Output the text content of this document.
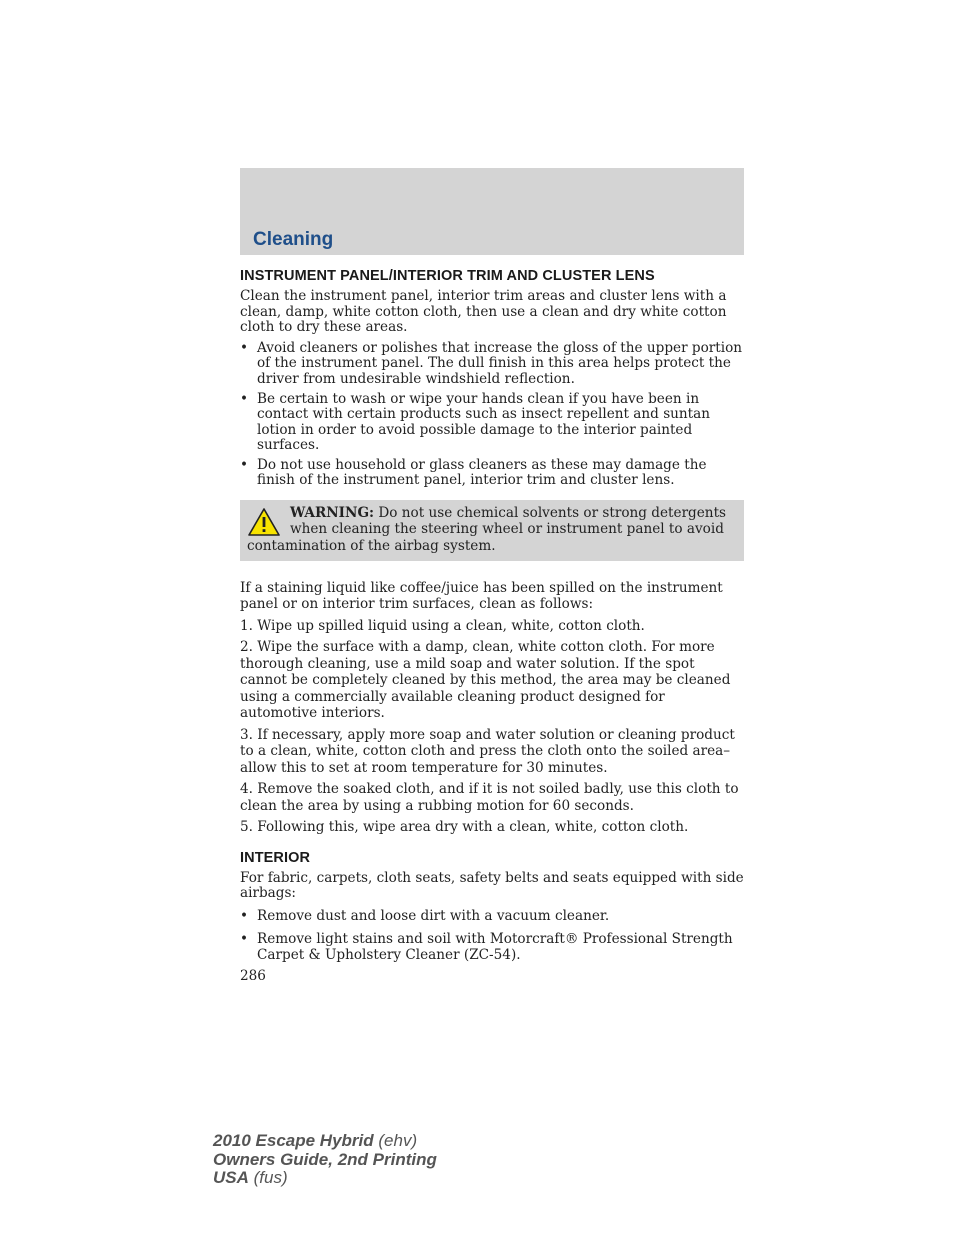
Cleaning
INSTRUMENT PANEL/INTERIOR TRIM AND CLUSTER LENS

Clean the instrument panel, interior trim areas and cluster lens with a clean, damp, white cotton cloth, then use a clean and dry white cotton cloth to dry these areas.

• Avoid cleaners or polishes that increase the gloss of the upper portion of the instrument panel. The dull finish in this area helps protect the driver from undesirable windshield reflection.
• Be certain to wash or wipe your hands clean if you have been in contact with certain products such as insect repellent and suntan lotion in order to avoid possible damage to the interior painted surfaces.
• Do not use household or glass cleaners as these may damage the finish of the instrument panel, interior trim and cluster lens.
WARNING: Do not use chemical solvents or strong detergents when cleaning the steering wheel or instrument panel to avoid contamination of the airbag system.

If a staining liquid like coffee/juice has been spilled on the instrument panel or on interior trim surfaces, clean as follows:

1. Wipe up spilled liquid using a clean, white, cotton cloth.

2. Wipe the surface with a damp, clean, white cotton cloth. For more thorough cleaning, use a mild soap and water solution. If the spot cannot be completely cleaned by this method, the area may be cleaned using a commercially available cleaning product designed for automotive interiors.

3. If necessary, apply more soap and water solution or cleaning product to a clean, white, cotton cloth and press the cloth onto the soiled area–allow this to set at room temperature for 30 minutes.

4. Remove the soaked cloth, and if it is not soiled badly, use this cloth to clean the area by using a rubbing motion for 60 seconds.

5. Following this, wipe area dry with a clean, white, cotton cloth.

INTERIOR

For fabric, carpets, cloth seats, safety belts and seats equipped with side airbags:

• Remove dust and loose dirt with a vacuum cleaner.
• Remove light stains and soil with Motorcraft® Professional Strength Carpet & Upholstery Cleaner (ZC-54).
286
2010 Escape Hybrid (ehv)
Owners Guide, 2nd Printing
USA (fus)
